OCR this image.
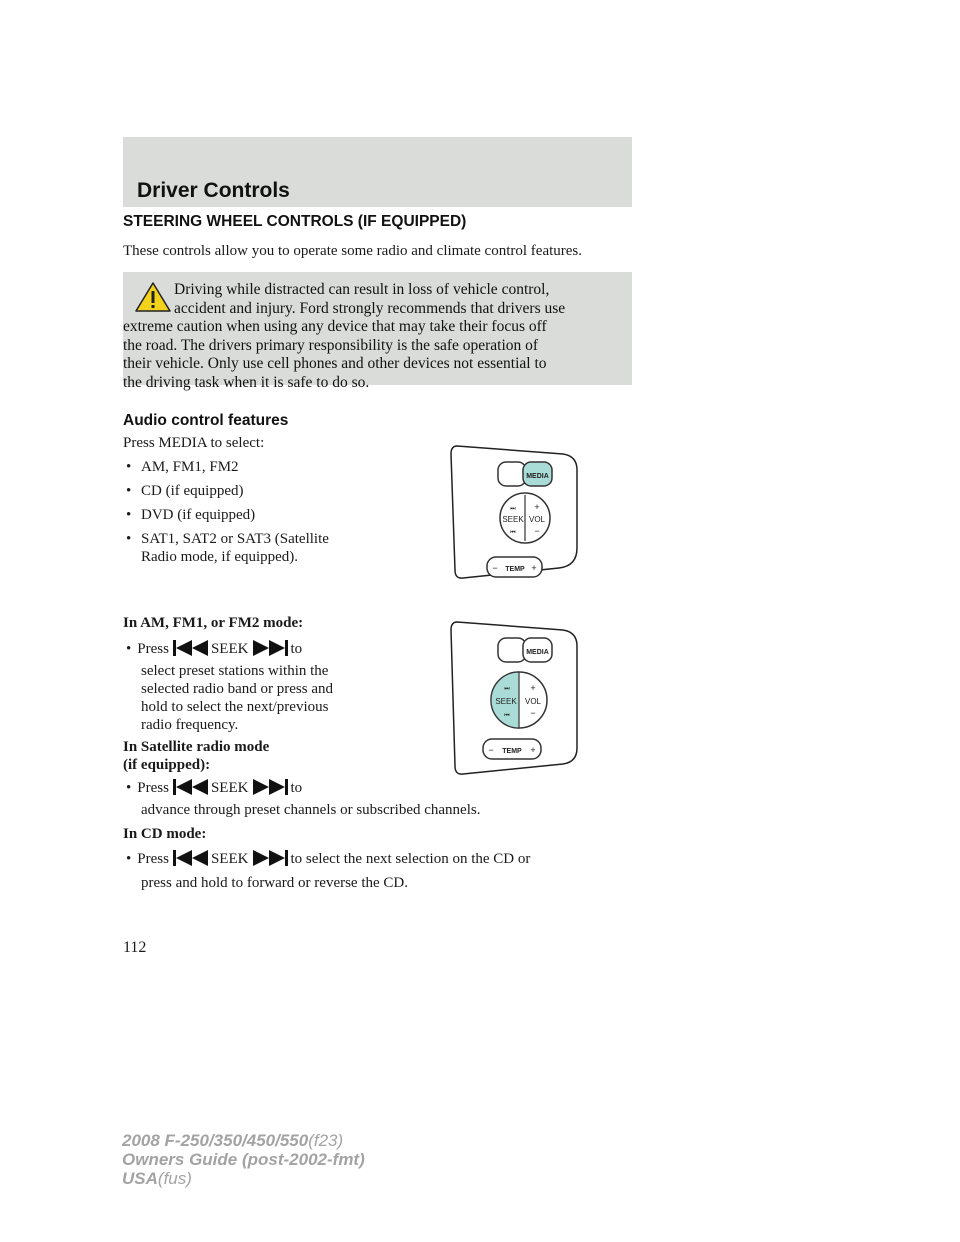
Driver Controls
STEERING WHEEL CONTROLS (IF EQUIPPED)

These controls allow you to operate some radio and climate control features.

Driving while distracted can result in loss of vehicle control,
accident and injury. Ford strongly recommends that drivers use
extreme caution when using any device that may take their focus off
the road. The drivers primary responsibility is the safe operation of
their vehicle. Only use cell phones and other devices not essential to
the driving task when it is safe to do so.
Audio control features

Press MEDIA to select:

• AM, FM1, FM2

• CD (if equipped)

• DVD (if equipped)

• SAT1, SAT2 or SAT3 (Satellite

Radio mode, if equipped).

MEDIA
SEEK VOL
+
−
⏭
⏮
TEMP
−	+

In AM, FM1, or FM2 mode:

• Press	SEEK	to

select preset stations within the

selected radio band or press and

hold to select the next/previous

radio frequency.

In Satellite radio mode

(if equipped):

• Press	SEEK	to

advance through preset channels or subscribed channels.

MEDIA
SEEK VOL
+
−
⏭
⏮
TEMP
−	+

In CD mode:

• Press	SEEK	to select the next selection on the CD or

press and hold to forward or reverse the CD.

112

2008 F-250/350/450/550(f23)
Owners Guide (post-2002-fmt)
USA(fus)
